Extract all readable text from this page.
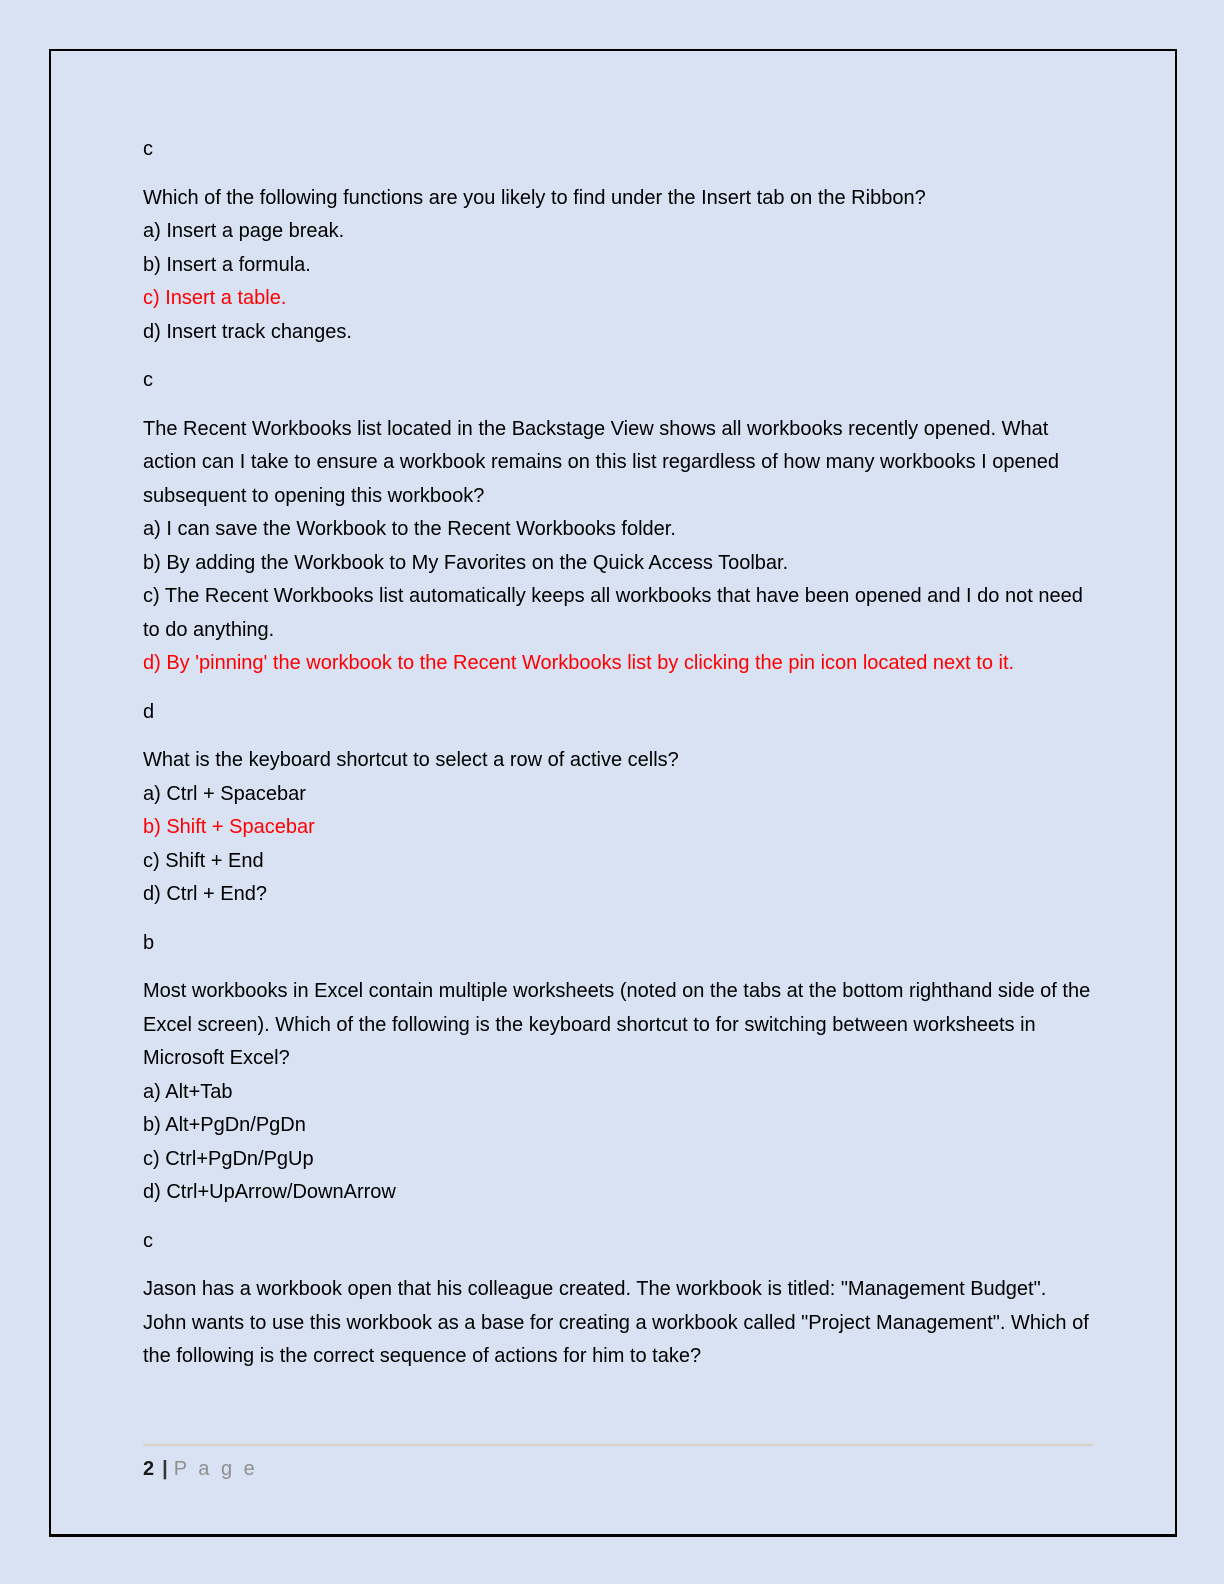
c

Which of the following functions are you likely to find under the Insert tab on the Ribbon?
a) Insert a page break.
b) Insert a formula.
c) Insert a table.
d) Insert track changes.

c

The Recent Workbooks list located in the Backstage View shows all workbooks recently opened. What action can I take to ensure a workbook remains on this list regardless of how many workbooks I opened subsequent to opening this workbook?
a) I can save the Workbook to the Recent Workbooks folder.
b) By adding the Workbook to My Favorites on the Quick Access Toolbar.
c) The Recent Workbooks list automatically keeps all workbooks that have been opened and I do not need to do anything.
d) By 'pinning' the workbook to the Recent Workbooks list by clicking the pin icon located next to it.

d

What is the keyboard shortcut to select a row of active cells?
a) Ctrl + Spacebar
b) Shift + Spacebar
c) Shift + End
d) Ctrl + End?

b

Most workbooks in Excel contain multiple worksheets (noted on the tabs at the bottom righthand side of the Excel screen). Which of the following is the keyboard shortcut to for switching between worksheets in Microsoft Excel?
a) Alt+Tab
b) Alt+PgDn/PgDn
c) Ctrl+PgDn/PgUp
d) Ctrl+UpArrow/DownArrow

c

Jason has a workbook open that his colleague created. The workbook is titled: "Management Budget". John wants to use this workbook as a base for creating a workbook called "Project Management". Which of the following is the correct sequence of actions for him to take?
2 | P a g e
